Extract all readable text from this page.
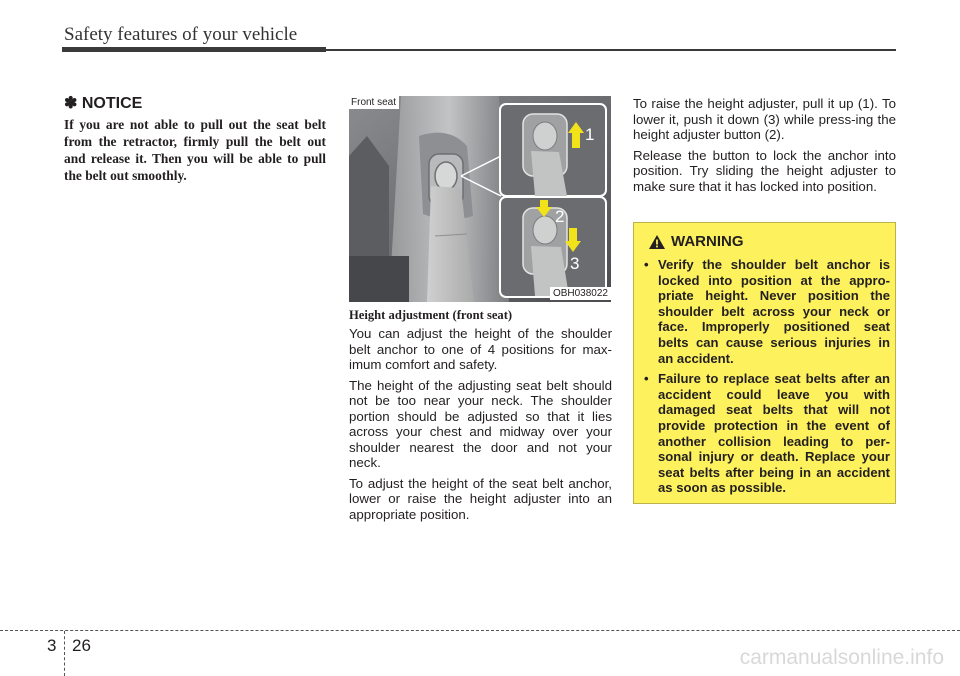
Safety features of your vehicle
✽ NOTICE

If you are not able to pull out the seat belt from the retractor, firmly pull the belt out and release it. Then you will be able to pull the belt out smoothly.

Front seat
OBH038022
1
2
3
Height adjustment (front seat)

You can adjust the height of the shoulder belt anchor to one of 4 positions for max-imum comfort and safety.

The height of the adjusting seat belt should not be too near your neck. The shoulder portion should be adjusted so that it lies across your chest and midway over your shoulder nearest the door and not your neck.

To adjust the height of the seat belt anchor, lower or raise the height adjuster into an appropriate position.

To raise the height adjuster, pull it up (1). To lower it, push it down (3) while press-ing the height adjuster button (2).

Release the button to lock the anchor into position. Try sliding the height adjuster to make sure that it has locked into position.

WARNING
• Verify the shoulder belt anchor is locked into position at the appro-priate height. Never position the shoulder belt across your neck or face. Improperly positioned seat belts can cause serious injuries in an accident.
• Failure to replace seat belts after an accident could leave you with damaged seat belts that will not provide protection in the event of another collision leading to per-sonal injury or death. Replace your seat belts after being in an accident as soon as possible.
3 26
carmanualsonline.info
